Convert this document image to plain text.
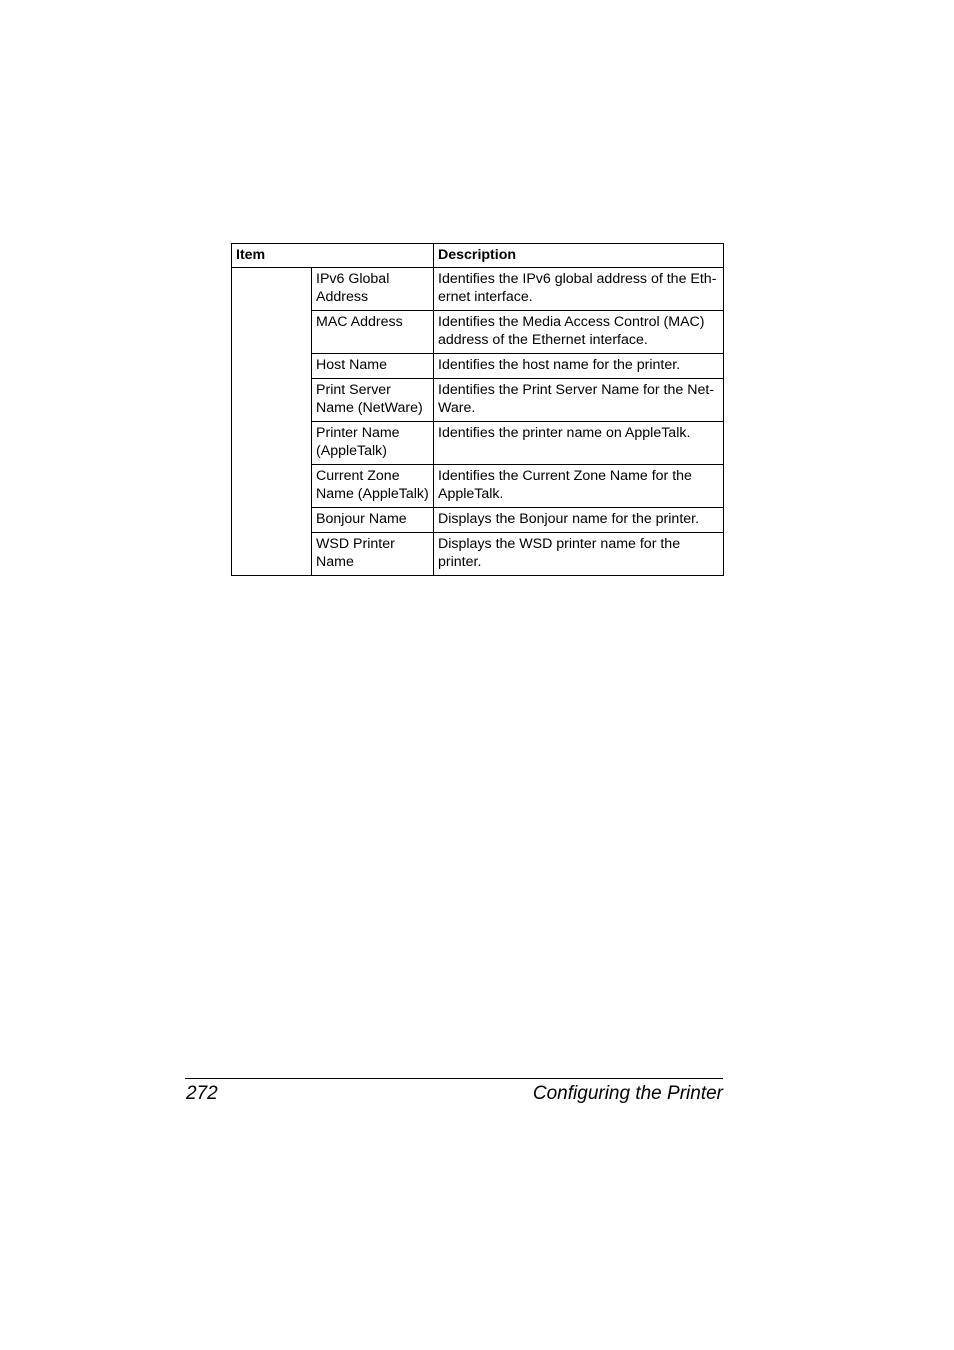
Item		Description
	IPv6 Global Address	Identifies the IPv6 global address of the Eth-ernet interface.
	MAC Address	Identifies the Media Access Control (MAC) address of the Ethernet interface.
	Host Name	Identifies the host name for the printer.
	Print Server Name (NetWare)	Identifies the Print Server Name for the Net-Ware.
	Printer Name (AppleTalk)	Identifies the printer name on AppleTalk.
	Current Zone Name (AppleTalk)	Identifies the Current Zone Name for the AppleTalk.
	Bonjour Name	Displays the Bonjour name for the printer.
	WSD Printer Name	Displays the WSD printer name for the printer.
272	Configuring the Printer
